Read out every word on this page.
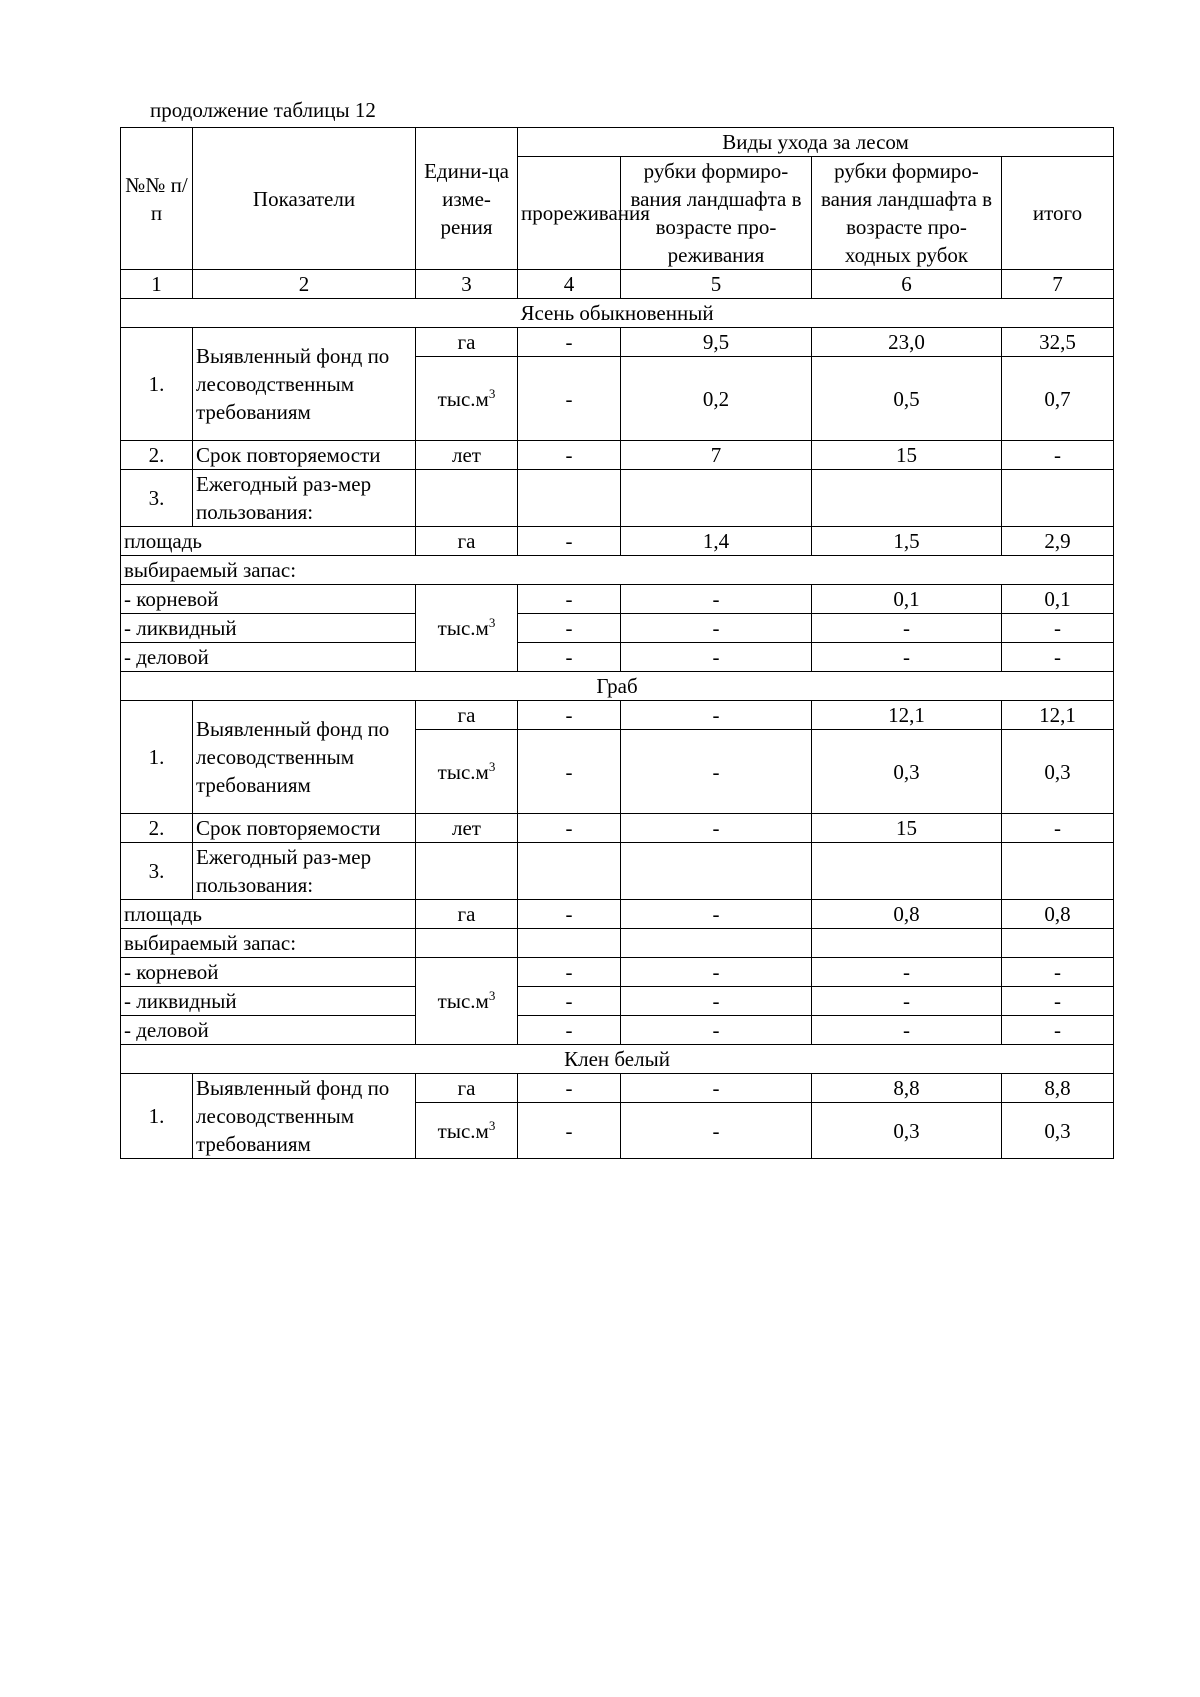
продолжение таблицы 12
№№ п/п	Показатели	Едини-ца изме-рения	Виды ухода за лесом			
			прореживания	рубки формиро-вания ландшафта в возрасте про-реживания	рубки формиро-вания ландшафта в возрасте про-ходных рубок	итого
1	2	3	4	5	6	7
Ясень обыкновенный						
1.	Выявленный фонд по лесоводственным требованиям	га	-	9,5	23,0	32,5
		$тыс.м^3$	-	0,2	0,5	0,7
2.	Срок повторяемости	лет	-	7	15	-
3.	Ежегодный раз-мер пользования:					
площадь		га	-	1,4	1,5	2,9
выбираемый запас:						
- корневой		$тыс.м^3$	-	-	0,1	0,1
- ликвидный			-	-	-	-
- деловой			-	-	-	-
Граб						
1.	Выявленный фонд по лесоводственным требованиям	га	-	-	12,1	12,1
		$тыс.м^3$	-	-	0,3	0,3
2.	Срок повторяемости	лет	-	-	15	-
3.	Ежегодный раз-мер пользования:					
площадь		га	-	-	0,8	0,8
выбираемый запас:						
- корневой		$тыс.м^3$	-	-	-	-
- ликвидный			-	-	-	-
- деловой			-	-	-	-
Клен белый						
1.	Выявленный фонд по лесоводственным требованиям	га	-	-	8,8	8,8
		$тыс.м^3$	-	-	0,3	0,3
